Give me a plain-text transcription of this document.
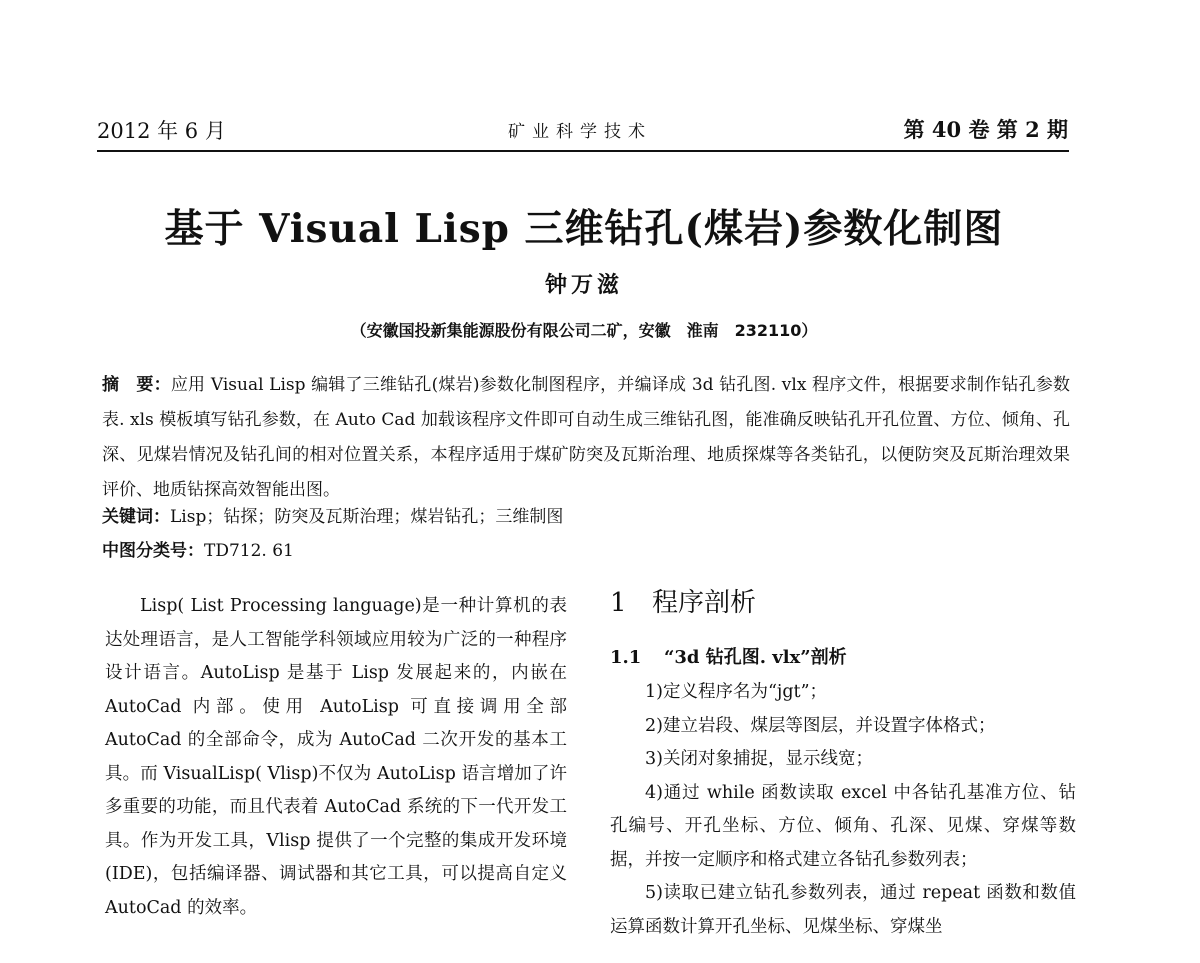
2012 年 6 月	矿业科学技术	第 40 卷 第 2 期
基于 Visual Lisp 三维钻孔(煤岩)参数化制图
钟万滋
（安徽国投新集能源股份有限公司二矿，安徽　淮南　232110）
摘　要：应用 Visual Lisp 编辑了三维钻孔(煤岩)参数化制图程序，并编译成 3d 钻孔图. vlx 程序文件，根据要求制作钻孔参数表. xls 模板填写钻孔参数，在 Auto Cad 加载该程序文件即可自动生成三维钻孔图，能准确反映钻孔开孔位置、方位、倾角、孔深、见煤岩情况及钻孔间的相对位置关系，本程序适用于煤矿防突及瓦斯治理、地质探煤等各类钻孔，以便防突及瓦斯治理效果评价、地质钻探高效智能出图。
关键词：Lisp；钻探；防突及瓦斯治理；煤岩钻孔；三维制图
中图分类号：TD712. 61

Lisp( List Processing language)是一种计算机的表达处理语言，是人工智能学科领域应用较为广泛的一种程序设计语言。AutoLisp 是基于 Lisp 发展起来的，内嵌在 AutoCad 内部。使用 AutoLisp 可直接调用全部 AutoCad 的全部命令，成为 AutoCad 二次开发的基本工具。而 VisualLisp( Vlisp)不仅为 AutoLisp 语言增加了许多重要的功能，而且代表着 AutoCad 系统的下一代开发工具。作为开发工具，Vlisp 提供了一个完整的集成开发环境(IDE)，包括编译器、调试器和其它工具，可以提高自定义 AutoCad 的效率。

1 程序剖析
1.1 “3d 钻孔图. vlx”剖析
1)定义程序名为“jgt”；
2)建立岩段、煤层等图层，并设置字体格式；
3)关闭对象捕捉，显示线宽；
4)通过 while 函数读取 excel 中各钻孔基准方位、钻孔编号、开孔坐标、方位、倾角、孔深、见煤、穿煤等数据，并按一定顺序和格式建立各钻孔参数列表；
5)读取已建立钻孔参数列表，通过 repeat 函数和数值运算函数计算开孔坐标、见煤坐标、穿煤坐
